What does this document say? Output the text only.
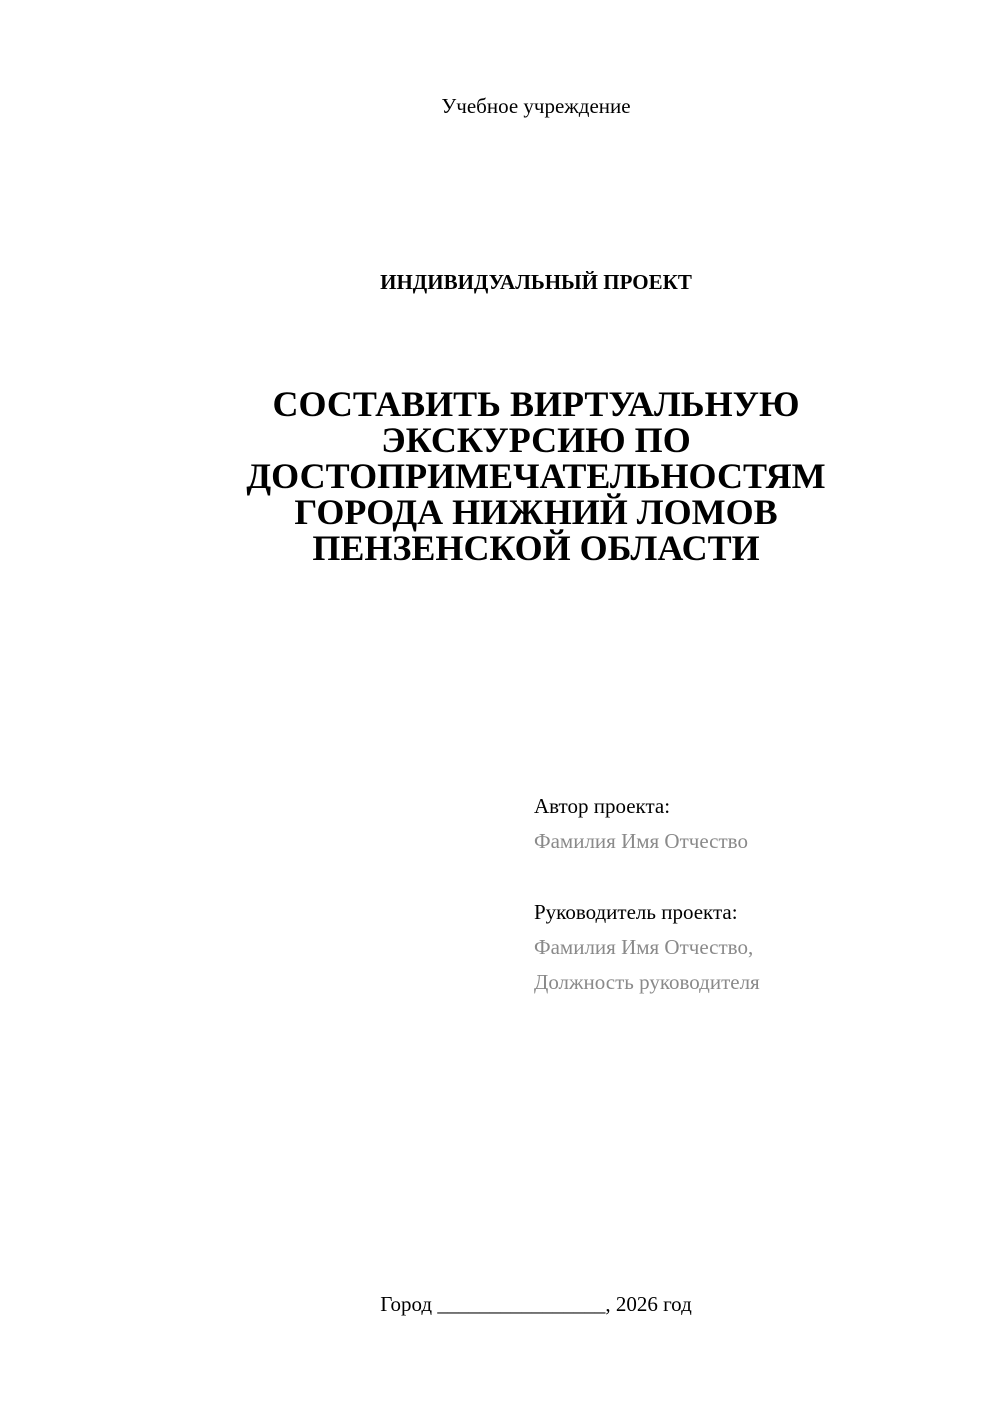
Учебное учреждение
ИНДИВИДУАЛЬНЫЙ ПРОЕКТ
СОСТАВИТЬ ВИРТУАЛЬНУЮ
ЭКСКУРСИЮ ПО
ДОСТОПРИМЕЧАТЕЛЬНОСТЯМ
ГОРОДА НИЖНИЙ ЛОМОВ
ПЕНЗЕНСКОЙ ОБЛАСТИ
Автор проекта:
Фамилия Имя Отчество
Руководитель проекта:
Фамилия Имя Отчество,
Должность руководителя
Город ________________, 2026 год
